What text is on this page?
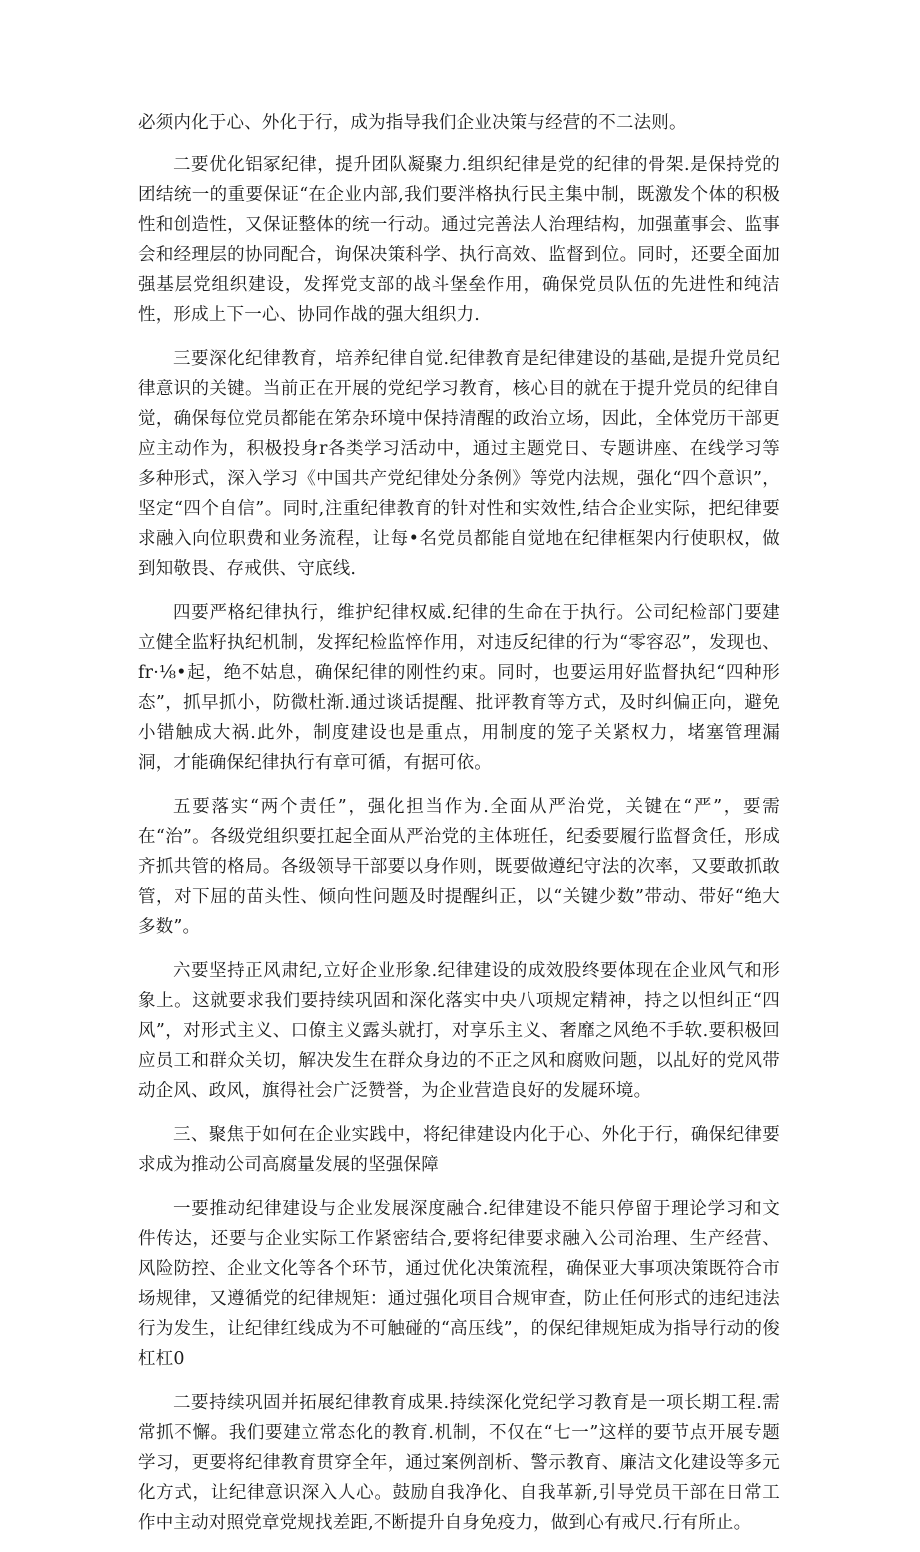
必须内化于心、外化于行，成为指导我们企业决策与经营的不二法则。

二要优化铝冢纪律，提升团队凝聚力.组织纪律是党的纪律的骨架.是保持党的团结统一的重要保证“在企业内部,我们要泮格执行民主集中制，既激发个体的积极性和创造性，又保证整体的统一行动。通过完善法人治理结构，加强董事会、监事会和经理层的协同配合，询保决策科学、执行高效、监督到位。同时，还要全面加强基层党组织建设，发挥党支部的战斗堡垒作用，确保党员队伍的先进性和纯洁性，形成上下一心、协同作战的强大组织力.

三要深化纪律教育，培养纪律自觉.纪律教育是纪律建设的基础,是提升党员纪律意识的关键。当前正在开展的党纪学习教育，核心目的就在于提升党员的纪律自觉，确保每位党员都能在笫杂环境中保持清醒的政治立场，因此，全体党历干部更应主动作为，积极投身r各类学习活动中，通过主题党日、专题讲座、在线学习等多种形式，深入学习《中国共产党纪律处分条例》等党内法规，强化“四个意识”，坚定“四个自信”。同时,注重纪律教育的针对性和实效性,结合企业实际，把纪律要求融入向位职费和业务流程，让每•名党员都能自觉地在纪律框架内行使职权，做到知敬畏、存戒供、守底线.

四要严格纪律执行，维护纪律权威.纪律的生命在于执行。公司纪检部门要建立健全监籽执纪机制，发挥纪检监悴作用，对违反纪律的行为“零容忍”，发现也、fr·⅛•起，绝不姑息，确保纪律的刚性约束。同时，也要运用好监督执纪“四种形态”，抓早抓小，防微杜渐.通过谈话提醒、批评教育等方式，及时纠偏正向，避免小错触成大祸.此外，制度建设也是重点，用制度的笼子关紧权力，堵塞管理漏洞，才能确保纪律执行有章可循，有据可依。

五要落实“两个责任”，强化担当作为.全面从严治党，关键在“严”，要需在“治”。各级党组织要扛起全面从严治党的主体班任，纪委要履行监督贪任，形成齐抓共管的格局。各级领导干部要以身作则，既要做遵纪守法的次率，又要敢抓敢管，对下屈的苗头性、倾向性问题及时提醒纠正，以“关键少数”带动、带好“绝大多数”。

六要坚持正风肃纪,立好企业形象.纪律建设的成效股终要体现在企业风气和形象上。这就要求我们要持续巩固和深化落实中央八项规定精神，持之以怛纠正“四风”，对形式主义、口僚主义露头就打，对享乐主义、奢靡之风绝不手软.要积极回应员工和群众关切，解决发生在群众身边的不正之风和腐败问题，以乩好的党风带动企风、政风，旗得社会广泛赞誉，为企业营造良好的发屣环境。

三、聚焦于如何在企业实践中，将纪律建设内化于心、外化于行，确保纪律要求成为推动公司高腐量发展的坚强保障

一要推动纪律建设与企业发展深度融合.纪律建设不能只停留于理论学习和文件传达，还要与企业实际工作紧密结合,要将纪律要求融入公司治理、生产经营、风险防控、企业文化等各个环节，通过优化决策流程，确保亚大事项决策既符合市场规律，又遵循党的纪律规矩：通过强化项目合规审查，防止任何形式的违纪违法行为发生，让纪律红线成为不可触碰的“高压线”，的保纪律规矩成为指导行动的俊杠杠0

二要持续巩固并拓展纪律教育成果.持续深化党纪学习教育是一项长期工程.需常抓不懈。我们要建立常态化的教育.机制，不仅在“七一”这样的要节点开展专题学习，更要将纪律教育贯穿全年，通过案例剖析、警示教育、廉洁文化建设等多元化方式，让纪律意识深入人心。鼓励自我净化、自我革新,引导党员干部在日常工作中主动对照党章党规找差距,不断提升自身免疫力，做到心有戒尺.行有所止。
